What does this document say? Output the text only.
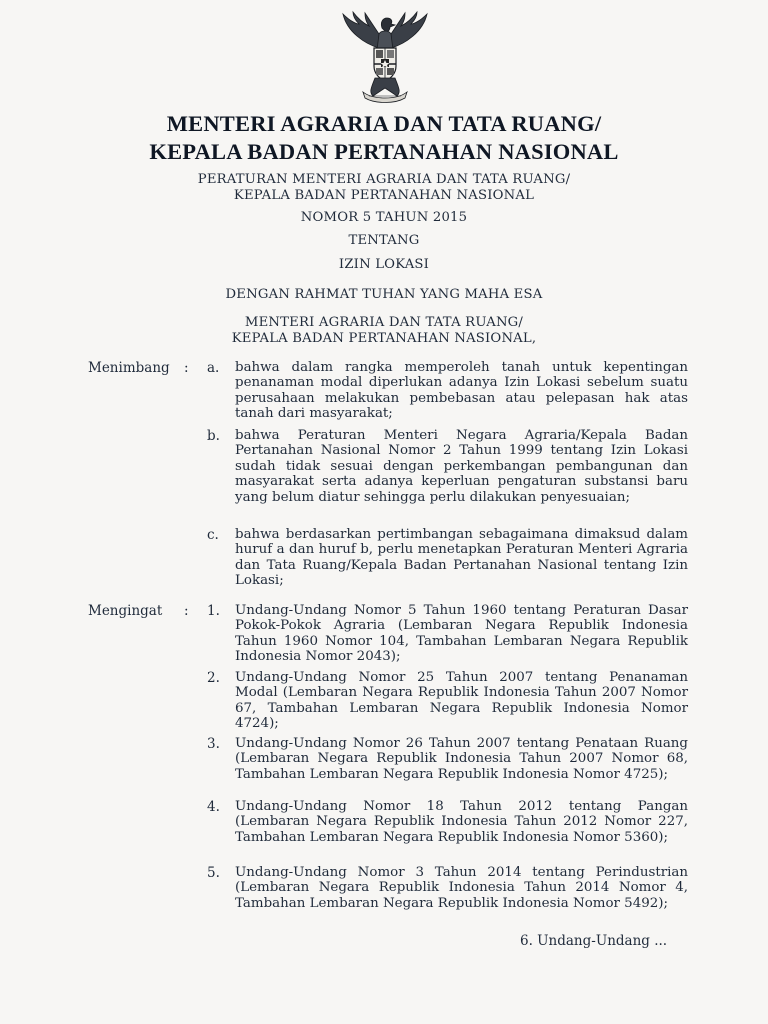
MENTERI AGRARIA DAN TATA RUANG/
KEPALA BADAN PERTANAHAN NASIONAL
PERATURAN MENTERI AGRARIA DAN TATA RUANG/
KEPALA BADAN PERTANAHAN NASIONAL
NOMOR 5 TAHUN 2015
TENTANG
IZIN LOKASI
DENGAN RAHMAT TUHAN YANG MAHA ESA
MENTERI AGRARIA DAN TATA RUANG/
KEPALA BADAN PERTANAHAN NASIONAL,
Menimbang : a. bahwa dalam rangka memperoleh tanah untuk kepentingan penanaman modal diperlukan adanya Izin Lokasi sebelum suatu perusahaan melakukan pembebasan atau pelepasan hak atas tanah dari masyarakat;
b. bahwa Peraturan Menteri Negara Agraria/Kepala Badan Pertanahan Nasional Nomor 2 Tahun 1999 tentang Izin Lokasi sudah tidak sesuai dengan perkembangan pembangunan dan masyarakat serta adanya keperluan pengaturan substansi baru yang belum diatur sehingga perlu dilakukan penyesuaian;
c. bahwa berdasarkan pertimbangan sebagaimana dimaksud dalam huruf a dan huruf b, perlu menetapkan Peraturan Menteri Agraria dan Tata Ruang/Kepala Badan Pertanahan Nasional tentang Izin Lokasi;
Mengingat : 1. Undang-Undang Nomor 5 Tahun 1960 tentang Peraturan Dasar Pokok-Pokok Agraria (Lembaran Negara Republik Indonesia Tahun 1960 Nomor 104, Tambahan Lembaran Negara Republik Indonesia Nomor 2043);
2. Undang-Undang Nomor 25 Tahun 2007 tentang Penanaman Modal (Lembaran Negara Republik Indonesia Tahun 2007 Nomor 67, Tambahan Lembaran Negara Republik Indonesia Nomor 4724);
3. Undang-Undang Nomor 26 Tahun 2007 tentang Penataan Ruang (Lembaran Negara Republik Indonesia Tahun 2007 Nomor 68, Tambahan Lembaran Negara Republik Indonesia Nomor 4725);
4. Undang-Undang Nomor 18 Tahun 2012 tentang Pangan (Lembaran Negara Republik Indonesia Tahun 2012 Nomor 227, Tambahan Lembaran Negara Republik Indonesia Nomor 5360);
5. Undang-Undang Nomor 3 Tahun 2014 tentang Perindustrian (Lembaran Negara Republik Indonesia Tahun 2014 Nomor 4, Tambahan Lembaran Negara Republik Indonesia Nomor 5492);
6. Undang-Undang ...
